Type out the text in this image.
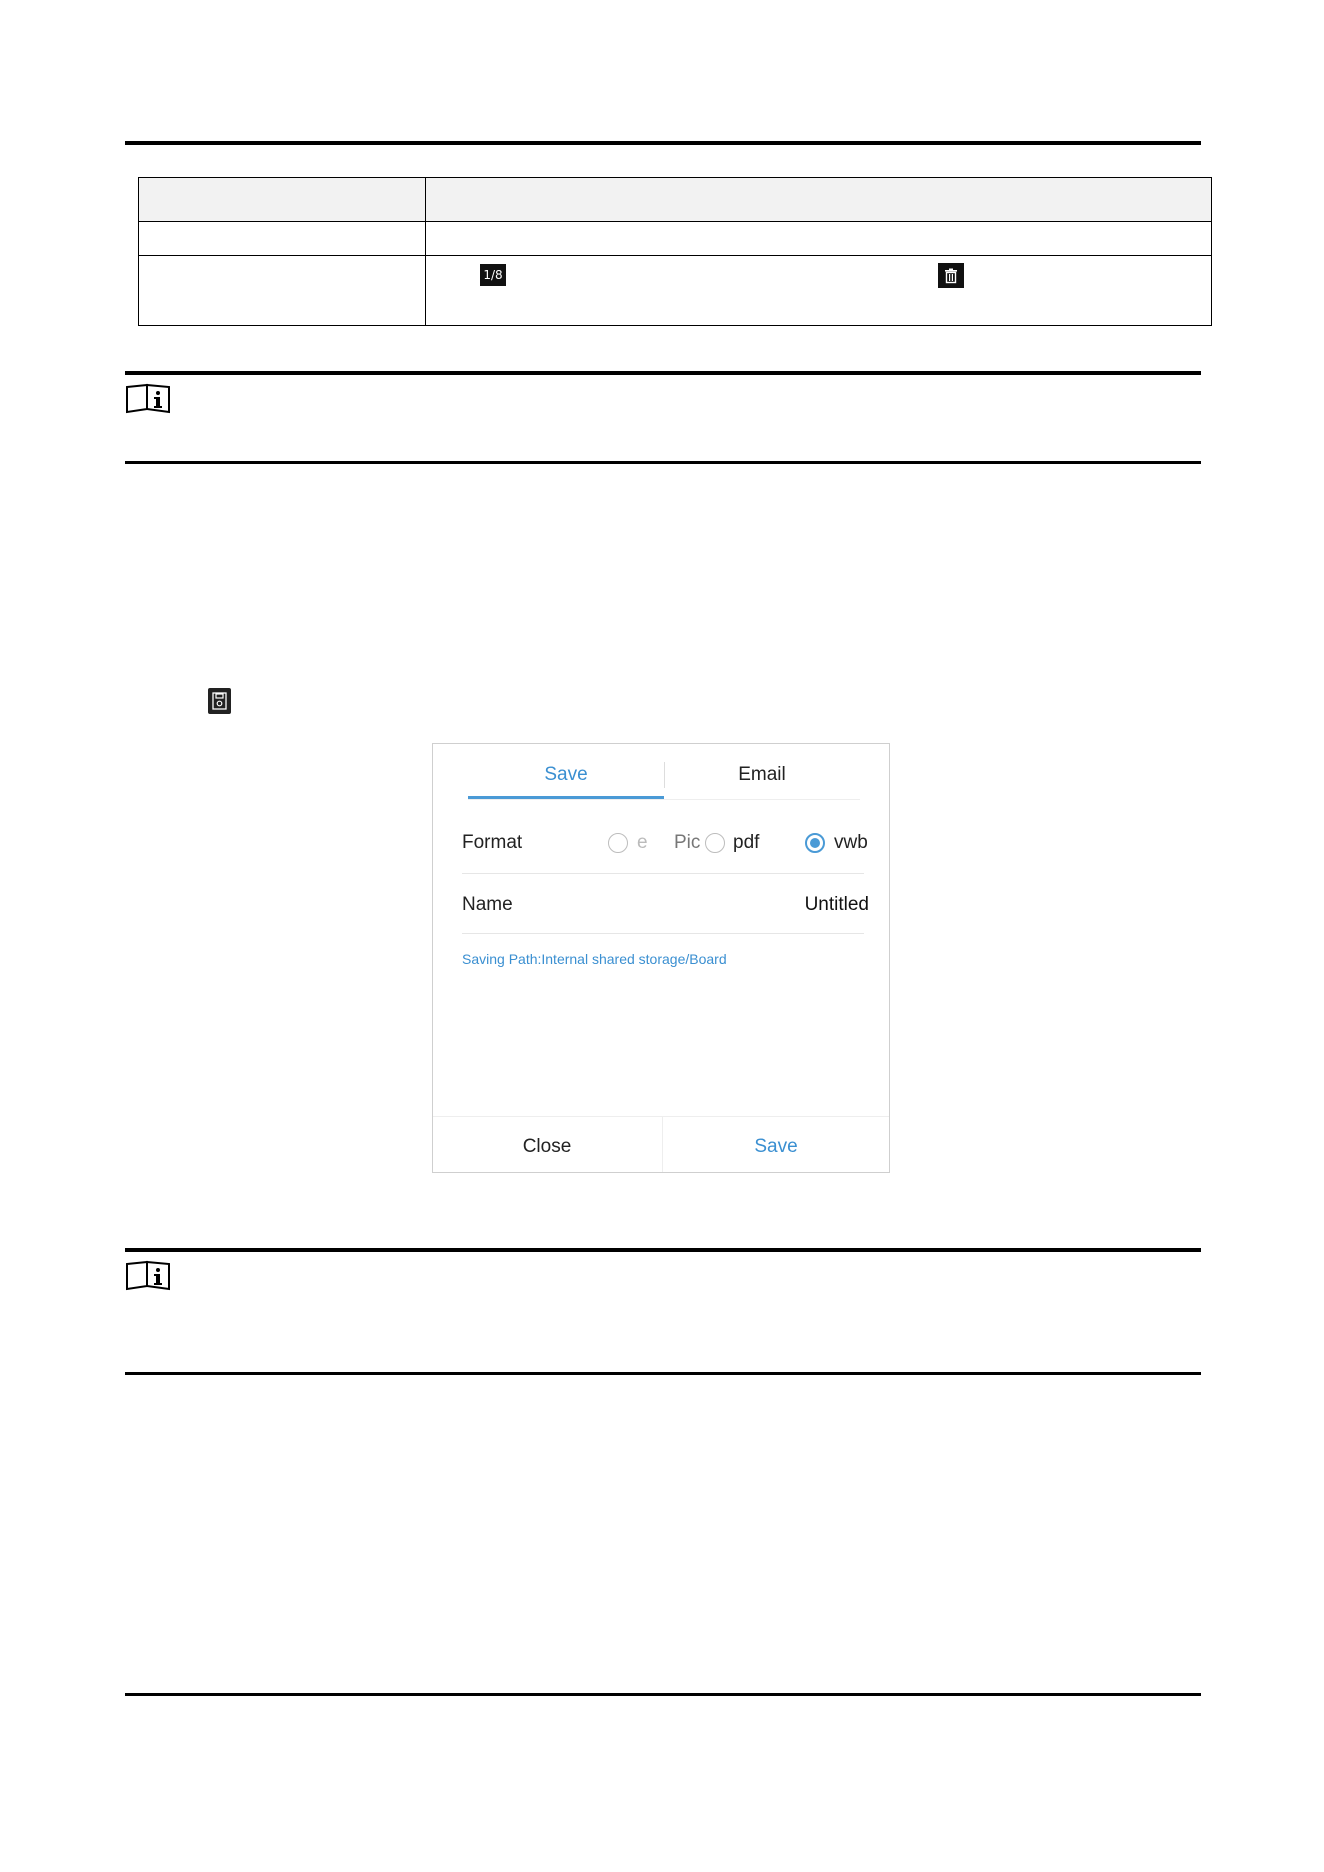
1/8
Save	Email
Format	e Pic pdf	vwb
Name	Untitled
Saving Path:Internal shared storage/Board
Close	Save
